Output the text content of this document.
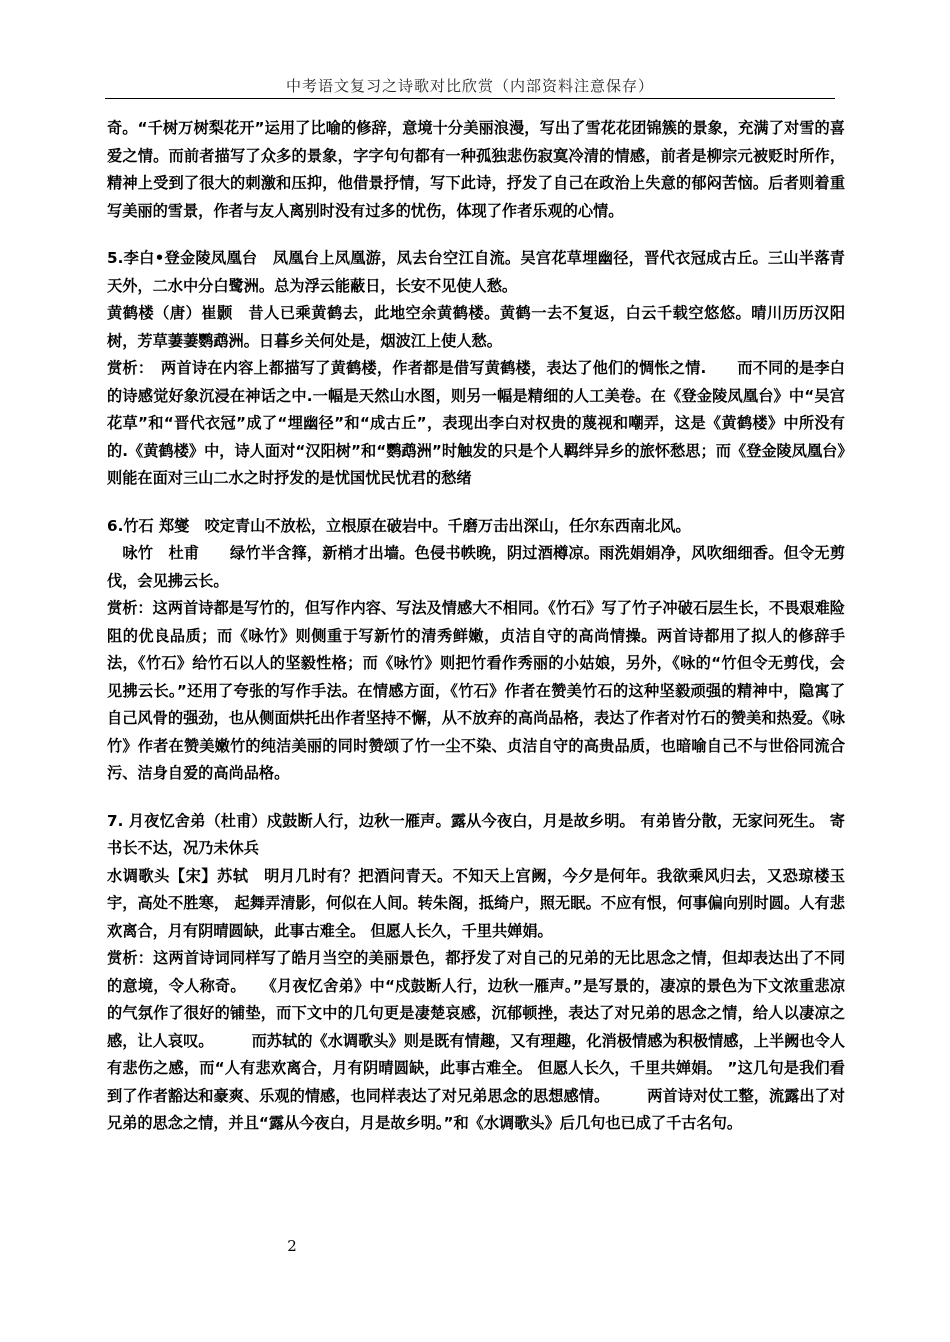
中考语文复习之诗歌对比欣赏（内部资料注意保存）

奇。“千树万树梨花开”运用了比喻的修辞，意境十分美丽浪漫，写出了雪花花团锦簇的景象，充满了对雪的喜爱之情。而前者描写了众多的景象，字字句句都有一种孤独悲伤寂寞冷清的情感，前者是柳宗元被贬时所作，精神上受到了很大的刺激和压抑，他借景抒情，写下此诗，抒发了自己在政治上失意的郁闷苦恼。后者则着重写美丽的雪景，作者与友人离别时没有过多的忧伤，体现了作者乐观的心情。

5.李白•登金陵凤凰台　凤凰台上凤凰游，凤去台空江自流。吴宫花草埋幽径，晋代衣冠成古丘。三山半落青天外，二水中分白鹭洲。总为浮云能蔽日，长安不见使人愁。

黄鹤楼（唐）崔颢　昔人已乘黄鹤去，此地空余黄鹤楼。黄鹤一去不复返，白云千载空悠悠。晴川历历汉阳树，芳草萋萋鹦鹉洲。日暮乡关何处是，烟波江上使人愁。

赏析：　两首诗在内容上都描写了黄鹤楼，作者都是借写黄鹤楼，表达了他们的惆怅之情.　　而不同的是李白的诗感觉好象沉浸在神话之中.一幅是天然山水图，则另一幅是精细的人工美卷。在《登金陵凤凰台》中“吴宫花草”和“晋代衣冠”成了“埋幽径”和“成古丘”，表现出李白对权贵的蔑视和嘲弄，这是《黄鹤楼》中所没有的.《黄鹤楼》中，诗人面对“汉阳树”和“鹦鹉洲”时触发的只是个人羁绊异乡的旅怀愁思；而《登金陵凤凰台》则能在面对三山二水之时抒发的是忧国忧民忧君的愁绪

6.竹石 郑燮　咬定青山不放松，立根原在破岩中。千磨万击出深山，任尔东西南北风。

　咏竹　杜甫　　绿竹半含箨，新梢才出墙。色侵书帙晚，阴过酒樽凉。雨洗娟娟净，风吹细细香。但令无剪伐，会见拂云长。

赏析：这两首诗都是写竹的，但写作内容、写法及情感大不相同。《竹石》写了竹子冲破石层生长，不畏艰难险阻的优良品质；而《咏竹》则侧重于写新竹的清秀鲜嫩，贞洁自守的高尚情操。两首诗都用了拟人的修辞手法，《竹石》给竹石以人的坚毅性格；而《咏竹》则把竹看作秀丽的小姑娘，另外，《咏的“竹但令无剪伐，会见拂云长。”还用了夸张的写作手法。在情感方面，《竹石》作者在赞美竹石的这种坚毅顽强的精神中，隐寓了自己风骨的强劲，也从侧面烘托出作者坚持不懈，从不放弃的高尚品格，表达了作者对竹石的赞美和热爱。《咏竹》作者在赞美嫩竹的纯洁美丽的同时赞颂了竹一尘不染、贞洁自守的高贵品质，也暗喻自己不与世俗同流合污、洁身自爱的高尚品格。

7. 月夜忆舍弟（杜甫）戍鼓断人行，边秋一雁声。露从今夜白，月是故乡明。 有弟皆分散，无家问死生。 寄书长不达，况乃未休兵

水调歌头【宋】苏轼　明月几时有？把酒问青天。不知天上宫阙，今夕是何年。我欲乘风归去，又恐琼楼玉宇，高处不胜寒， 起舞弄清影，何似在人间。转朱阁，抵绮户，照无眠。不应有恨，何事偏向别时圆。人有悲欢离合，月有阴晴圆缺，此事古难全。 但愿人长久，千里共婵娟。

赏析：这两首诗词同样写了皓月当空的美丽景色，都抒发了对自己的兄弟的无比思念之情，但却表达出了不同的意境，令人称奇。　　《月夜忆舍弟》中“戍鼓断人行，边秋一雁声。”是写景的，凄凉的景色为下文浓重悲凉的气氛作了很好的铺垫，而下文中的几句更是凄楚哀感，沉郁顿挫，表达了对兄弟的思念之情，给人以凄凉之感，让人哀叹。　　　而苏轼的《水调歌头》则是既有情趣，又有理趣，化消极情感为积极情感，上半阙也令人有悲伤之感，而“人有悲欢离合，月有阴晴圆缺，此事古难全。 但愿人长久，千里共婵娟。 ”这几句是我们看到了作者豁达和豪爽、乐观的情感，也同样表达了对兄弟思念的思想感情。　　　两首诗对仗工整，流露出了对兄弟的思念之情，并且“露从今夜白，月是故乡明。”和《水调歌头》后几句也已成了千古名句。

2
